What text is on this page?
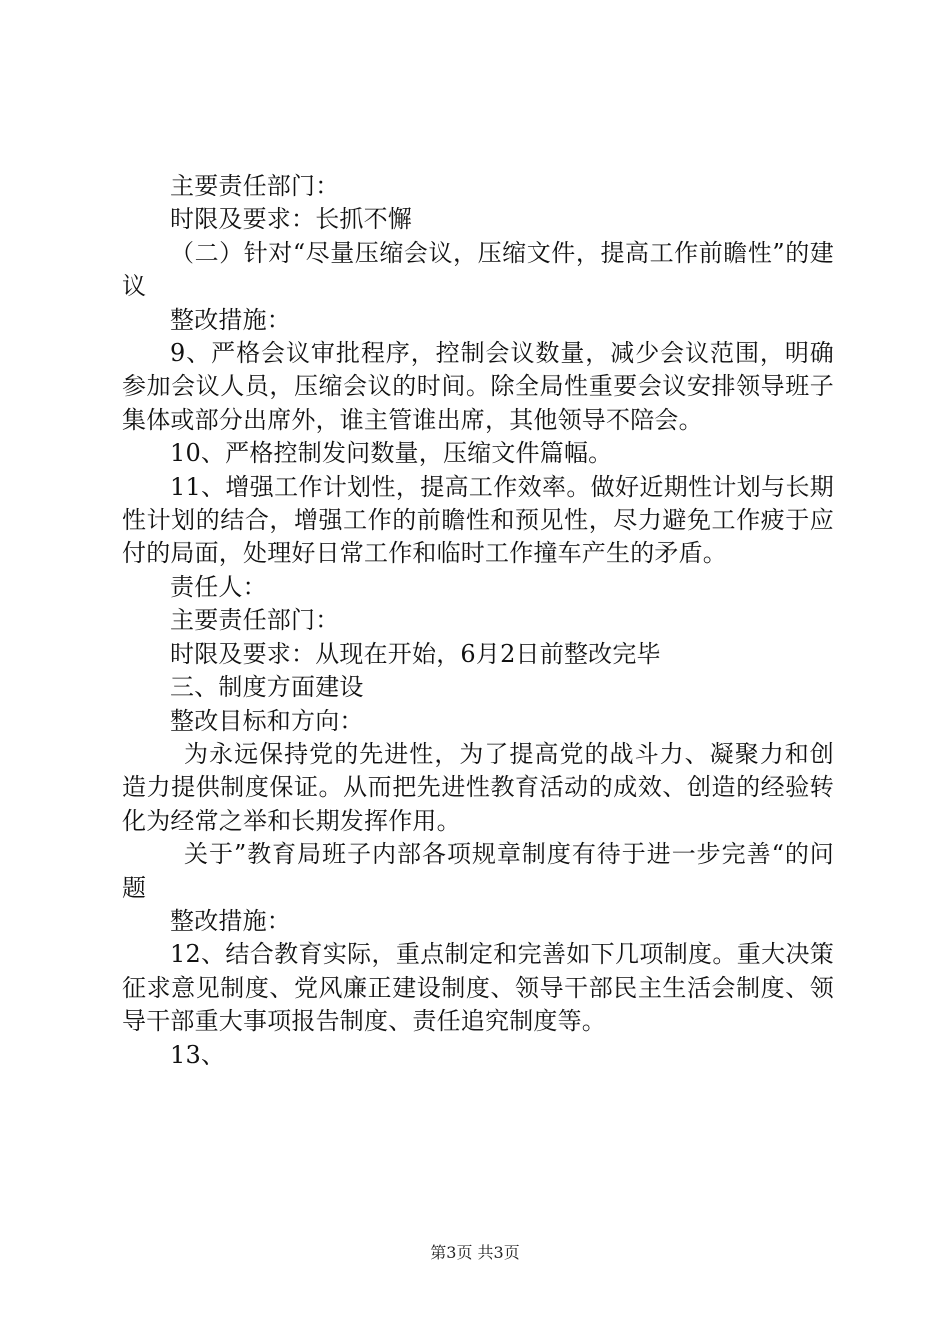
主要责任部门：

时限及要求：长抓不懈

（二）针对“尽量压缩会议，压缩文件，提高工作前瞻性”的建议

整改措施：

9、严格会议审批程序，控制会议数量，减少会议范围，明确参加会议人员，压缩会议的时间。除全局性重要会议安排领导班子集体或部分出席外，谁主管谁出席，其他领导不陪会。

10、严格控制发问数量，压缩文件篇幅。

11、增强工作计划性，提高工作效率。做好近期性计划与长期性计划的结合，增强工作的前瞻性和预见性，尽力避免工作疲于应付的局面，处理好日常工作和临时工作撞车产生的矛盾。

责任人：

主要责任部门：

时限及要求：从现在开始，6月2日前整改完毕

三、制度方面建设

整改目标和方向：

为永远保持党的先进性，为了提高党的战斗力、凝聚力和创造力提供制度保证。从而把先进性教育活动的成效、创造的经验转化为经常之举和长期发挥作用。

关于”教育局班子内部各项规章制度有待于进一步完善“的问题

整改措施：

12、结合教育实际，重点制定和完善如下几项制度。重大决策征求意见制度、党风廉正建设制度、领导干部民主生活会制度、领导干部重大事项报告制度、责任追究制度等。

13、

第3页 共3页
